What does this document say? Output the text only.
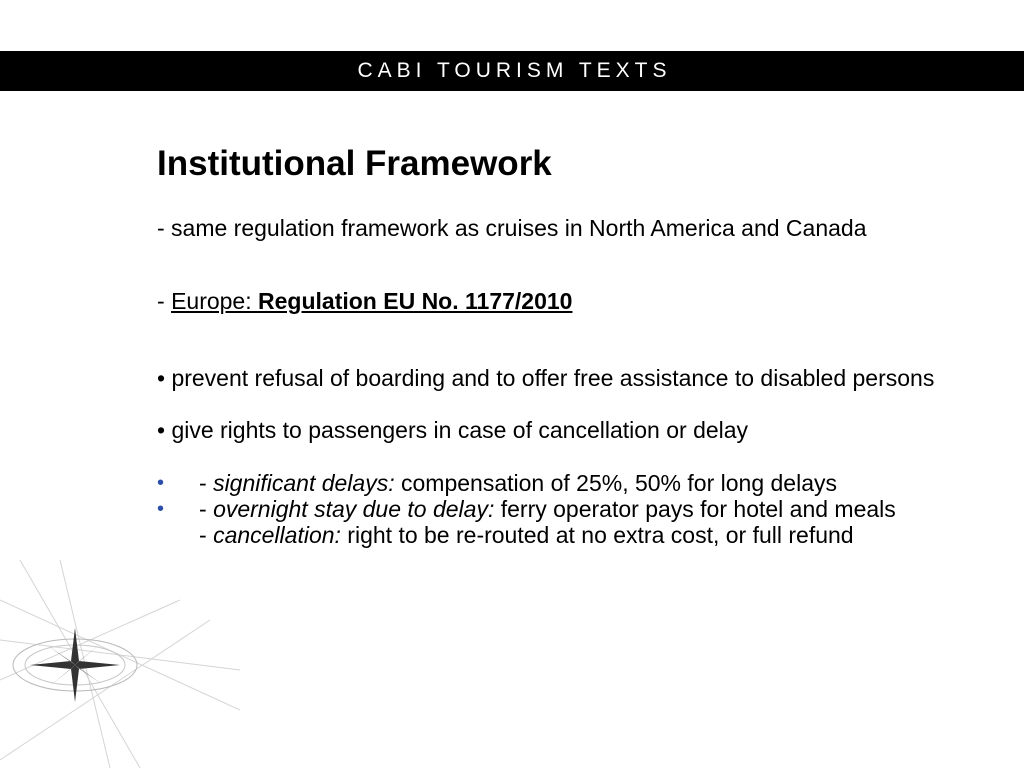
CABI TOURISM TEXTS
Institutional Framework

- same regulation framework as cruises in North America and Canada

- Europe: Regulation EU No. 1177/2010

• prevent refusal of boarding and to offer free assistance to disabled persons

• give rights to passengers in case of cancellation or delay

• - significant delays: compensation of 25%, 50% for long delays
• - overnight stay due to delay: ferry operator pays for hotel and meals
- cancellation: right to be re-routed at no extra cost, or full refund
